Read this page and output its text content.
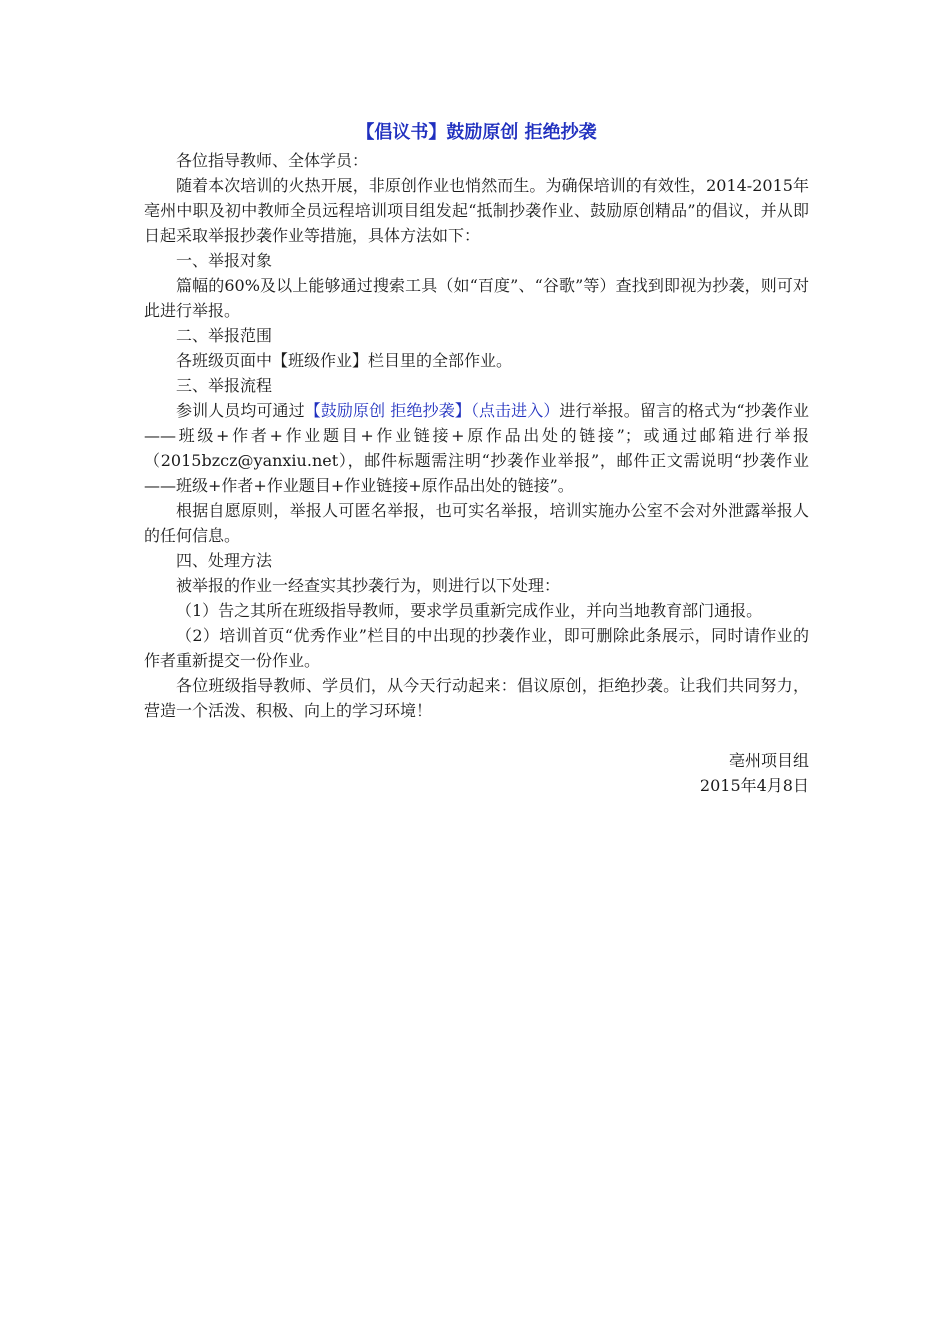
【倡议书】鼓励原创 拒绝抄袭

各位指导教师、全体学员：

随着本次培训的火热开展，非原创作业也悄然而生。为确保培训的有效性，2014-2015年亳州中职及初中教师全员远程培训项目组发起“抵制抄袭作业、鼓励原创精品”的倡议，并从即日起采取举报抄袭作业等措施，具体方法如下：

一、举报对象

篇幅的60%及以上能够通过搜索工具（如“百度”、“谷歌”等）查找到即视为抄袭，则可对此进行举报。

二、举报范围

各班级页面中【班级作业】栏目里的全部作业。

三、举报流程

参训人员均可通过【鼓励原创 拒绝抄袭】（点击进入）进行举报。留言的格式为“抄袭作业——班级+作者+作业题目+作业链接+原作品出处的链接”；或通过邮箱进行举报（2015bzcz@yanxiu.net），邮件标题需注明“抄袭作业举报”，邮件正文需说明“抄袭作业——班级+作者+作业题目+作业链接+原作品出处的链接”。

根据自愿原则，举报人可匿名举报，也可实名举报，培训实施办公室不会对外泄露举报人的任何信息。

四、处理方法

被举报的作业一经查实其抄袭行为，则进行以下处理：

（1）告之其所在班级指导教师，要求学员重新完成作业，并向当地教育部门通报。

（2）培训首页“优秀作业”栏目的中出现的抄袭作业，即可删除此条展示，同时请作业的作者重新提交一份作业。

各位班级指导教师、学员们，从今天行动起来：倡议原创，拒绝抄袭。让我们共同努力，营造一个活泼、积极、向上的学习环境！

亳州项目组

2015年4月8日
